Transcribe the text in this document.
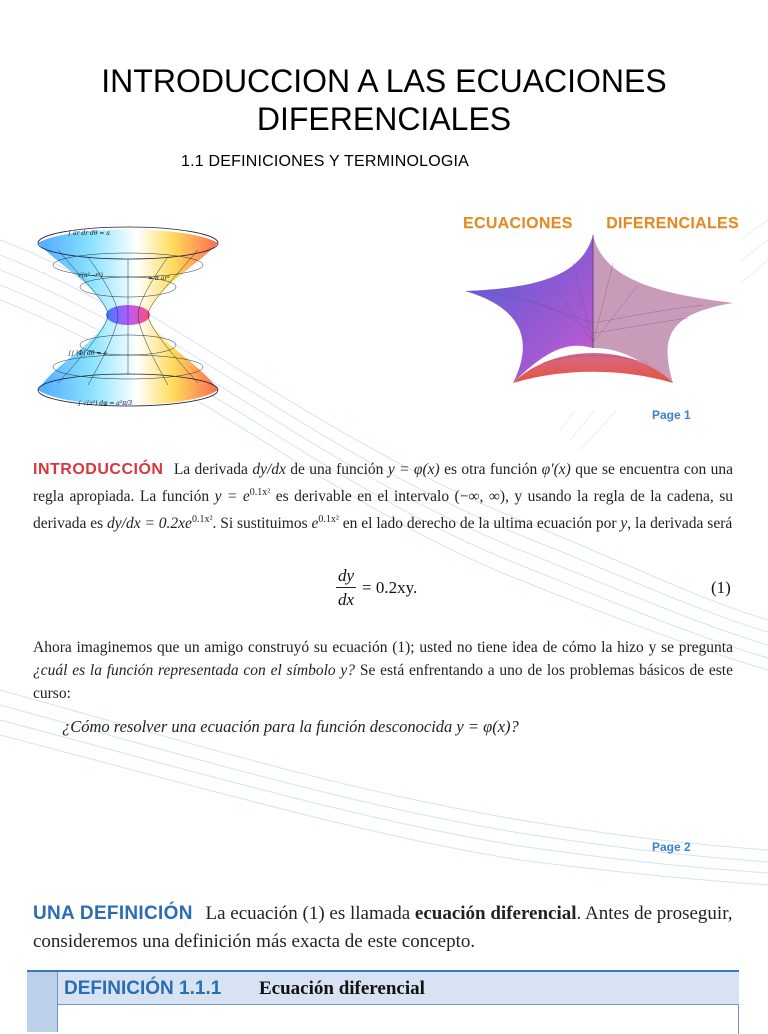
INTRODUCCION A LAS ECUACIONES
DIFERENCIALES
1.1 DEFINICIONES Y TERMINOLOGIA
∫ ar dr dθ = a
√(a²−r²)	= π ar²
∫∫ |Φ| dθ = a
∫ √(a²) dφ = a²π/3
ECUACIONES DIFERENCIALES
Page 1
INTRODUCCIÓN La derivada dy/dx de una función y = φ(x) es otra función φ′(x) que se encuentra con una regla apropiada. La función $y = e^{0.1x^2}$ es derivable en el intervalo (−∞, ∞), y usando la regla de la cadena, su derivada es $dy/dx = 0.2xe^{0.1x^2}$. Si sustituimos $e^{0.1x^2}$ en el lado derecho de la ultima ecuación por y, la derivada será
$\frac{dy}{dx} = 0.2xy$.	(1)
Ahora imaginemos que un amigo construyó su ecuación (1); usted no tiene idea de cómo la hizo y se pregunta ¿cuál es la función representada con el símbolo y? Se está enfrentando a uno de los problemas básicos de este curso:
¿Cómo resolver una ecuación para la función desconocida y = φ(x)?
Page 2
UNA DEFINICIÓN La ecuación (1) es llamada ecuación diferencial. Antes de proseguir, consideremos una definición más exacta de este concepto.
DEFINICIÓN 1.1.1 Ecuación diferencial
